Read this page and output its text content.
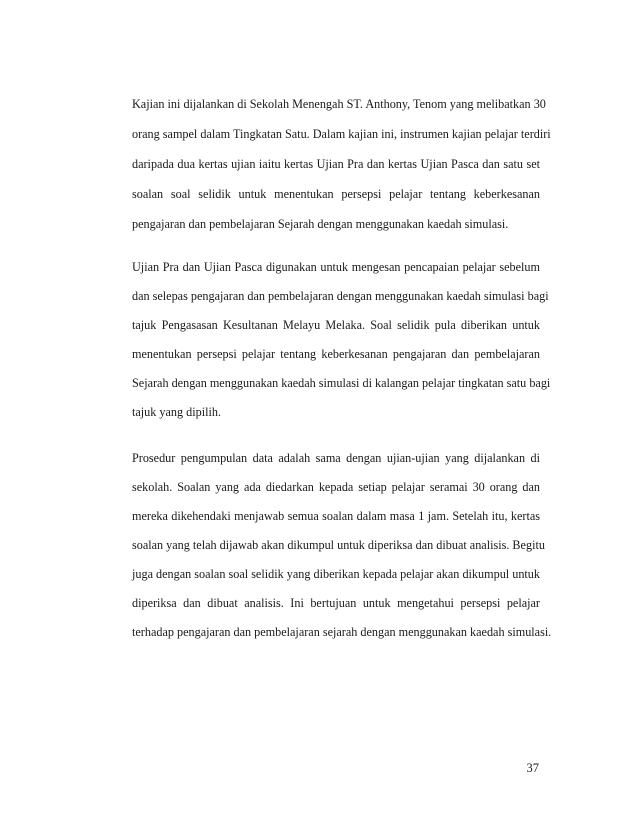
Kajian ini dijalankan di Sekolah Menengah ST. Anthony, Tenom yang melibatkan 30
orang sampel dalam Tingkatan Satu. Dalam kajian ini, instrumen kajian pelajar terdiri
daripada dua kertas ujian iaitu kertas Ujian Pra dan kertas Ujian Pasca dan satu set
soalan soal selidik untuk menentukan persepsi pelajar tentang keberkesanan
pengajaran dan pembelajaran Sejarah dengan menggunakan kaedah simulasi.
Ujian Pra dan Ujian Pasca digunakan untuk mengesan pencapaian pelajar sebelum
dan selepas pengajaran dan pembelajaran dengan menggunakan kaedah simulasi bagi
tajuk Pengasasan Kesultanan Melayu Melaka. Soal selidik pula diberikan untuk
menentukan persepsi pelajar tentang keberkesanan pengajaran dan pembelajaran
Sejarah dengan menggunakan kaedah simulasi di kalangan pelajar tingkatan satu bagi
tajuk yang dipilih.
Prosedur pengumpulan data adalah sama dengan ujian-ujian yang dijalankan di
sekolah. Soalan yang ada diedarkan kepada setiap pelajar seramai 30 orang dan
mereka dikehendaki menjawab semua soalan dalam masa 1 jam. Setelah itu, kertas
soalan yang telah dijawab akan dikumpul untuk diperiksa dan dibuat analisis. Begitu
juga dengan soalan soal selidik yang diberikan kepada pelajar akan dikumpul untuk
diperiksa dan dibuat analisis. Ini bertujuan untuk mengetahui persepsi pelajar
terhadap pengajaran dan pembelajaran sejarah dengan menggunakan kaedah simulasi.
37
